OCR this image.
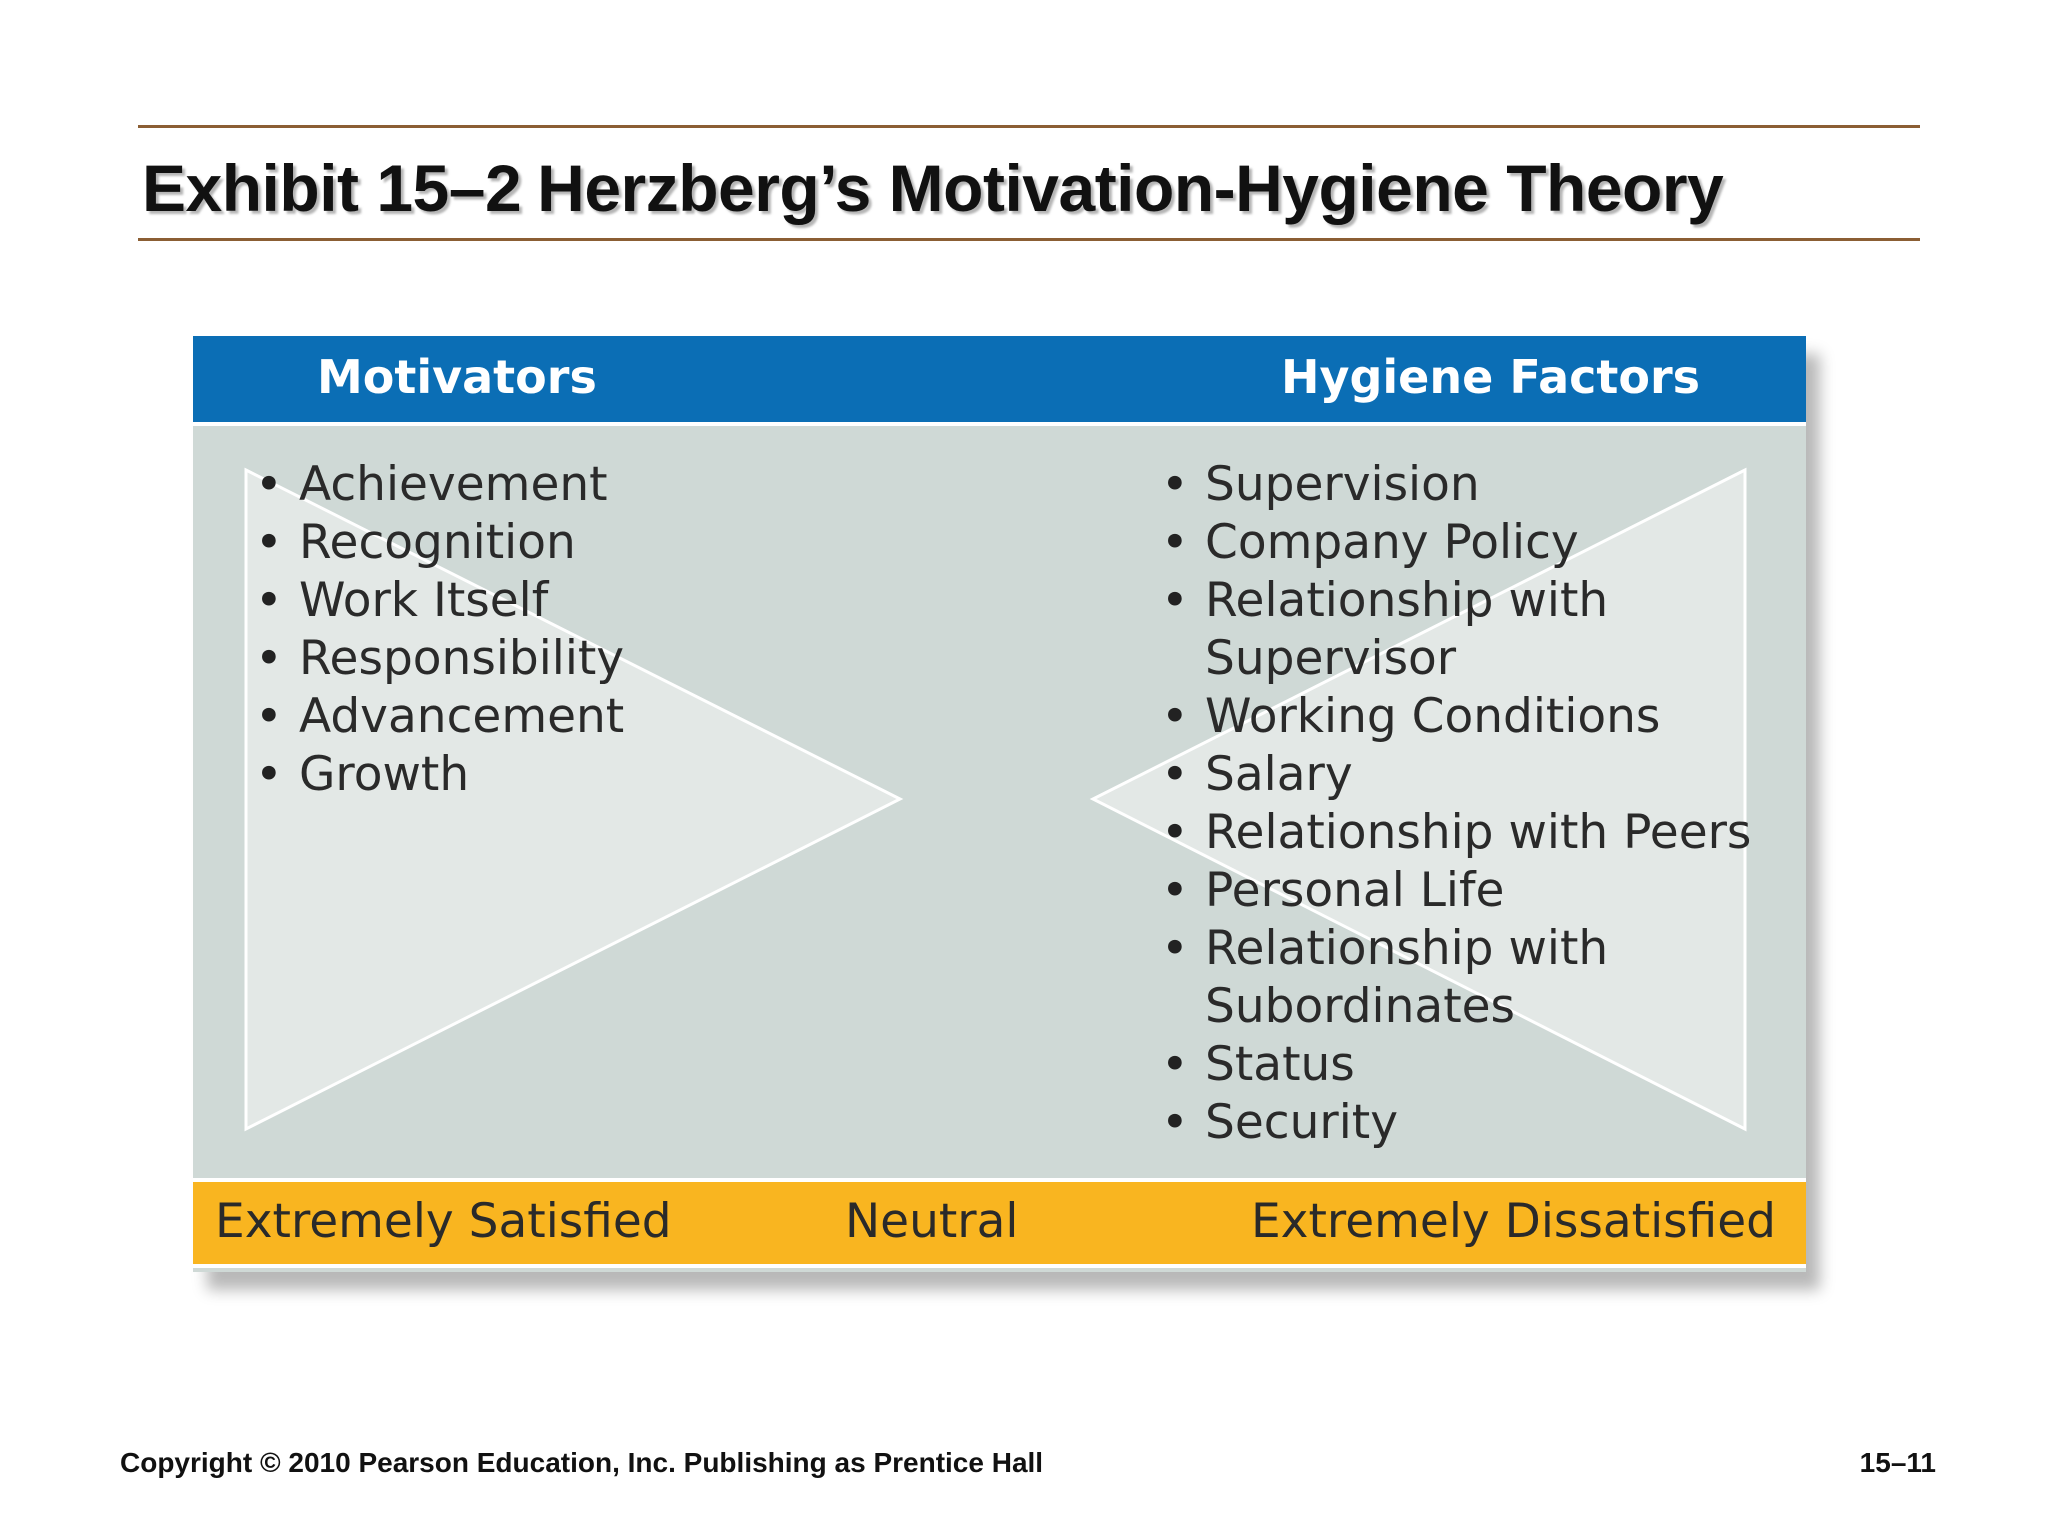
Exhibit 15–2 Herzberg’s Motivation-Hygiene Theory
Motivators	Hygiene Factors
• Achievement
• Recognition
• Work Itself
• Responsibility
• Advancement
• Growth
• Supervision
• Company Policy
• Relationship with
Supervisor
• Working Conditions
• Salary
• Relationship with Peers
• Personal Life
• Relationship with
Subordinates
• Status
• Security
Extremely Satisfied	Neutral	Extremely Dissatisfied
Copyright © 2010 Pearson Education, Inc. Publishing as Prentice Hall	15–11
